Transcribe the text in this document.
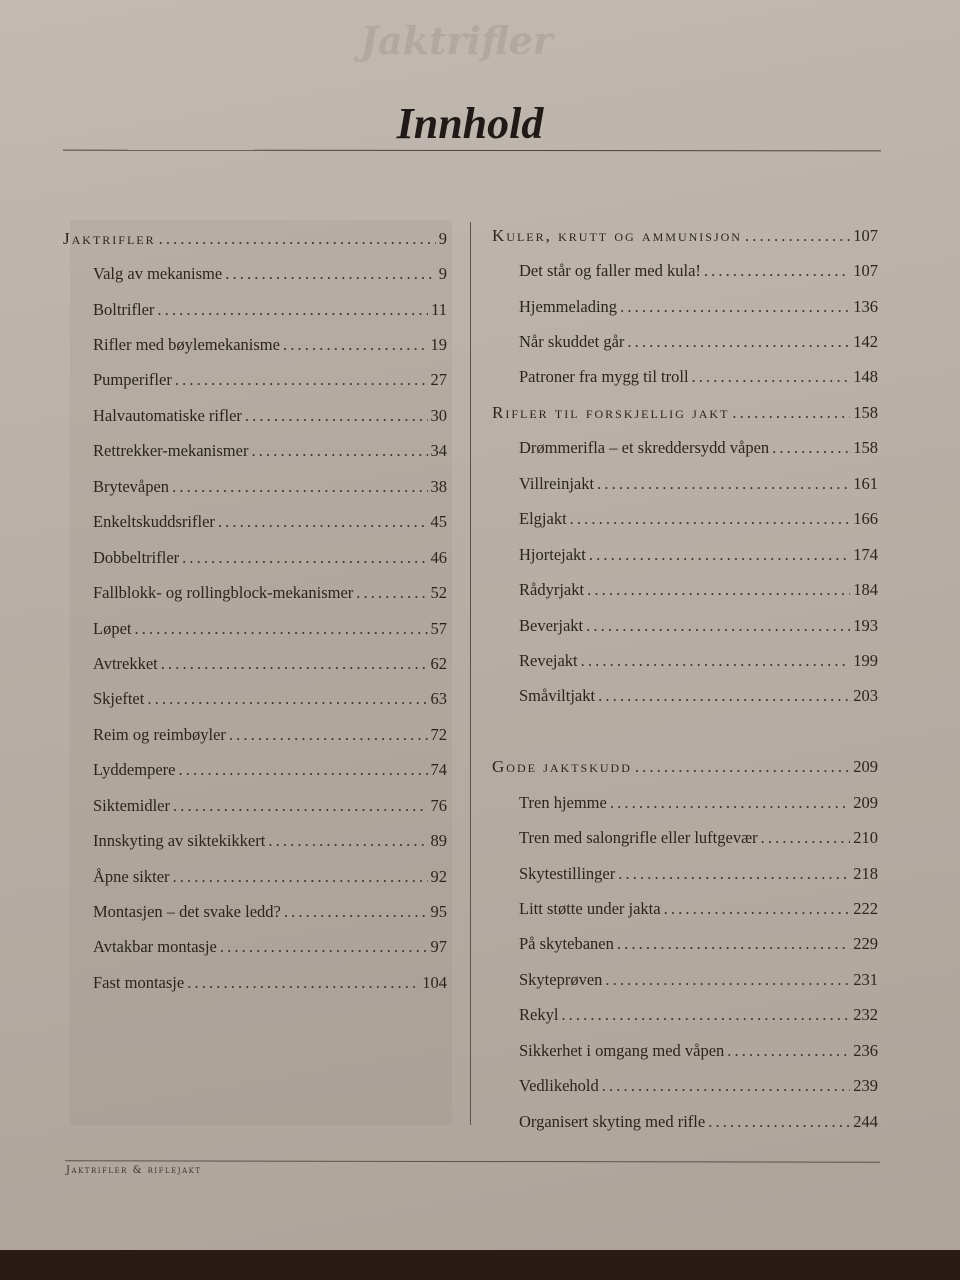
Jaktrifler
Innhold
Jaktrifler . . .	9
Valg av mekanisme . . .	9
Boltrifler . . .	11
Rifler med bøylemekanisme . . .	19
Pumperifler . . .	27
Halvautomatiske rifler . . .	30
Rettrekker-mekanismer . . .	34
Brytevåpen . . .	38
Enkeltskuddsrifler . . .	45
Dobbeltrifler . . .	46
Fallblokk- og rollingblock-mekanismer . . .	52
Løpet . . .	57
Avtrekket . . .	62
Skjeftet . . .	63
Reim og reimbøyler . . .	72
Lyddempere . . .	74
Siktemidler . . .	76
Innskyting av siktekikkert . . .	89
Åpne sikter . . .	92
Montasjen – det svake ledd? . . .	95
Avtakbar montasje . . .	97
Fast montasje . . .	104
Kuler, krutt og ammunisjon . . .	107
Det står og faller med kula! . . .	107
Hjemmelading . . .	136
Når skuddet går . . .	142
Patroner fra mygg til troll . . .	148
Rifler til forskjellig jakt . . .	158
Drømmerifla – et skreddersydd våpen . . .	158
Villreinjakt . . .	161
Elgjakt . . .	166
Hjortejakt . . .	174
Rådyrjakt . . .	184
Beverjakt . . .	193
Revejakt . . .	199
Småviltjakt . . .	203
Gode jaktskudd . . .	209
Tren hjemme . . .	209
Tren med salongrifle eller luftgevær . . .	210
Skytestillinger . . .	218
Litt støtte under jakta . . .	222
På skytebanen . . .	229
Skyteprøven . . .	231
Rekyl . . .	232
Sikkerhet i omgang med våpen . . .	236
Vedlikehold . . .	239
Organisert skyting med rifle . . .	244
Jaktrifler & riflejakt
